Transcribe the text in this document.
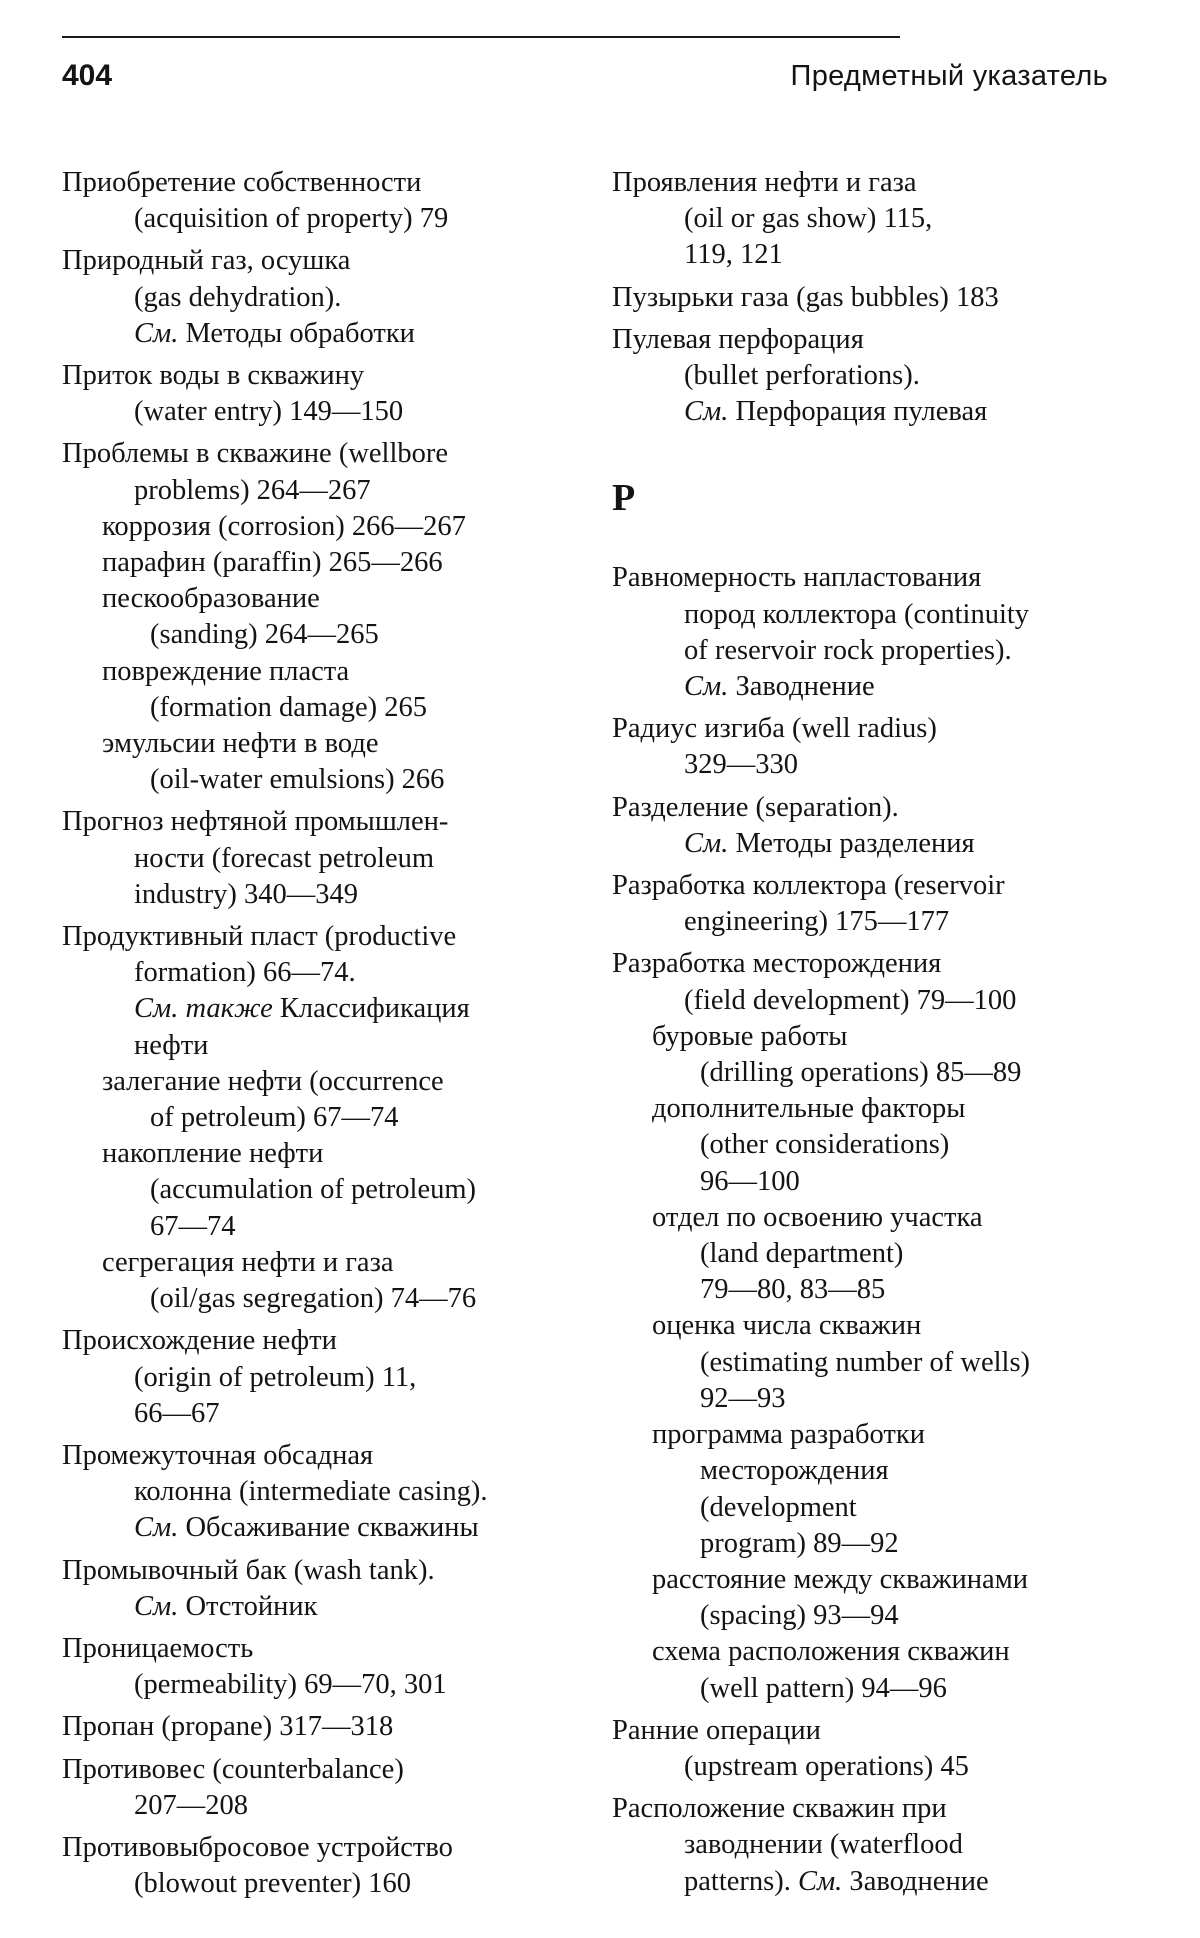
404	Предметный указатель
Приобретение собственности
(acquisition of property) 79
Природный газ, осушка
(gas dehydration).
См. Методы обработки
Приток воды в скважину
(water entry) 149—150
Проблемы в скважине (wellbore
problems) 264—267
коррозия (corrosion) 266—267
парафин (paraffin) 265—266
пескообразование
(sanding) 264—265
повреждение пласта
(formation damage) 265
эмульсии нефти в воде
(oil-water emulsions) 266
Прогноз нефтяной промышлен-
ности (forecast petroleum
industry) 340—349
Продуктивный пласт (productive
formation) 66—74.
См. также Классификация
нефти
залегание нефти (occurrence
of petroleum) 67—74
накопление нефти
(accumulation of petroleum)
67—74
сегрегация нефти и газа
(oil/gas segregation) 74—76
Происхождение нефти
(origin of petroleum) 11,
66—67
Промежуточная обсадная
колонна (intermediate casing).
См. Обсаживание скважины
Промывочный бак (wash tank).
См. Отстойник
Проницаемость
(permeability) 69—70, 301
Пропан (propane) 317—318
Противовес (counterbalance)
207—208
Противовыбросовое устройство
(blowout preventer) 160
Проявления нефти и газа
(oil or gas show) 115,
119, 121
Пузырьки газа (gas bubbles) 183
Пулевая перфорация
(bullet perforations).
См. Перфорация пулевая
Р
Равномерность напластования
пород коллектора (continuity
of reservoir rock properties).
См. Заводнение
Радиус изгиба (well radius)
329—330
Разделение (separation).
См. Методы разделения
Разработка коллектора (reservoir
engineering) 175—177
Разработка месторождения
(field development) 79—100
буровые работы
(drilling operations) 85—89
дополнительные факторы
(other considerations)
96—100
отдел по освоению участка
(land department)
79—80, 83—85
оценка числа скважин
(estimating number of wells)
92—93
программа разработки
месторождения
(development
program) 89—92
расстояние между скважинами
(spacing) 93—94
схема расположения скважин
(well pattern) 94—96
Ранние операции
(upstream operations) 45
Расположение скважин при
заводнении (waterflood
patterns). См. Заводнение
